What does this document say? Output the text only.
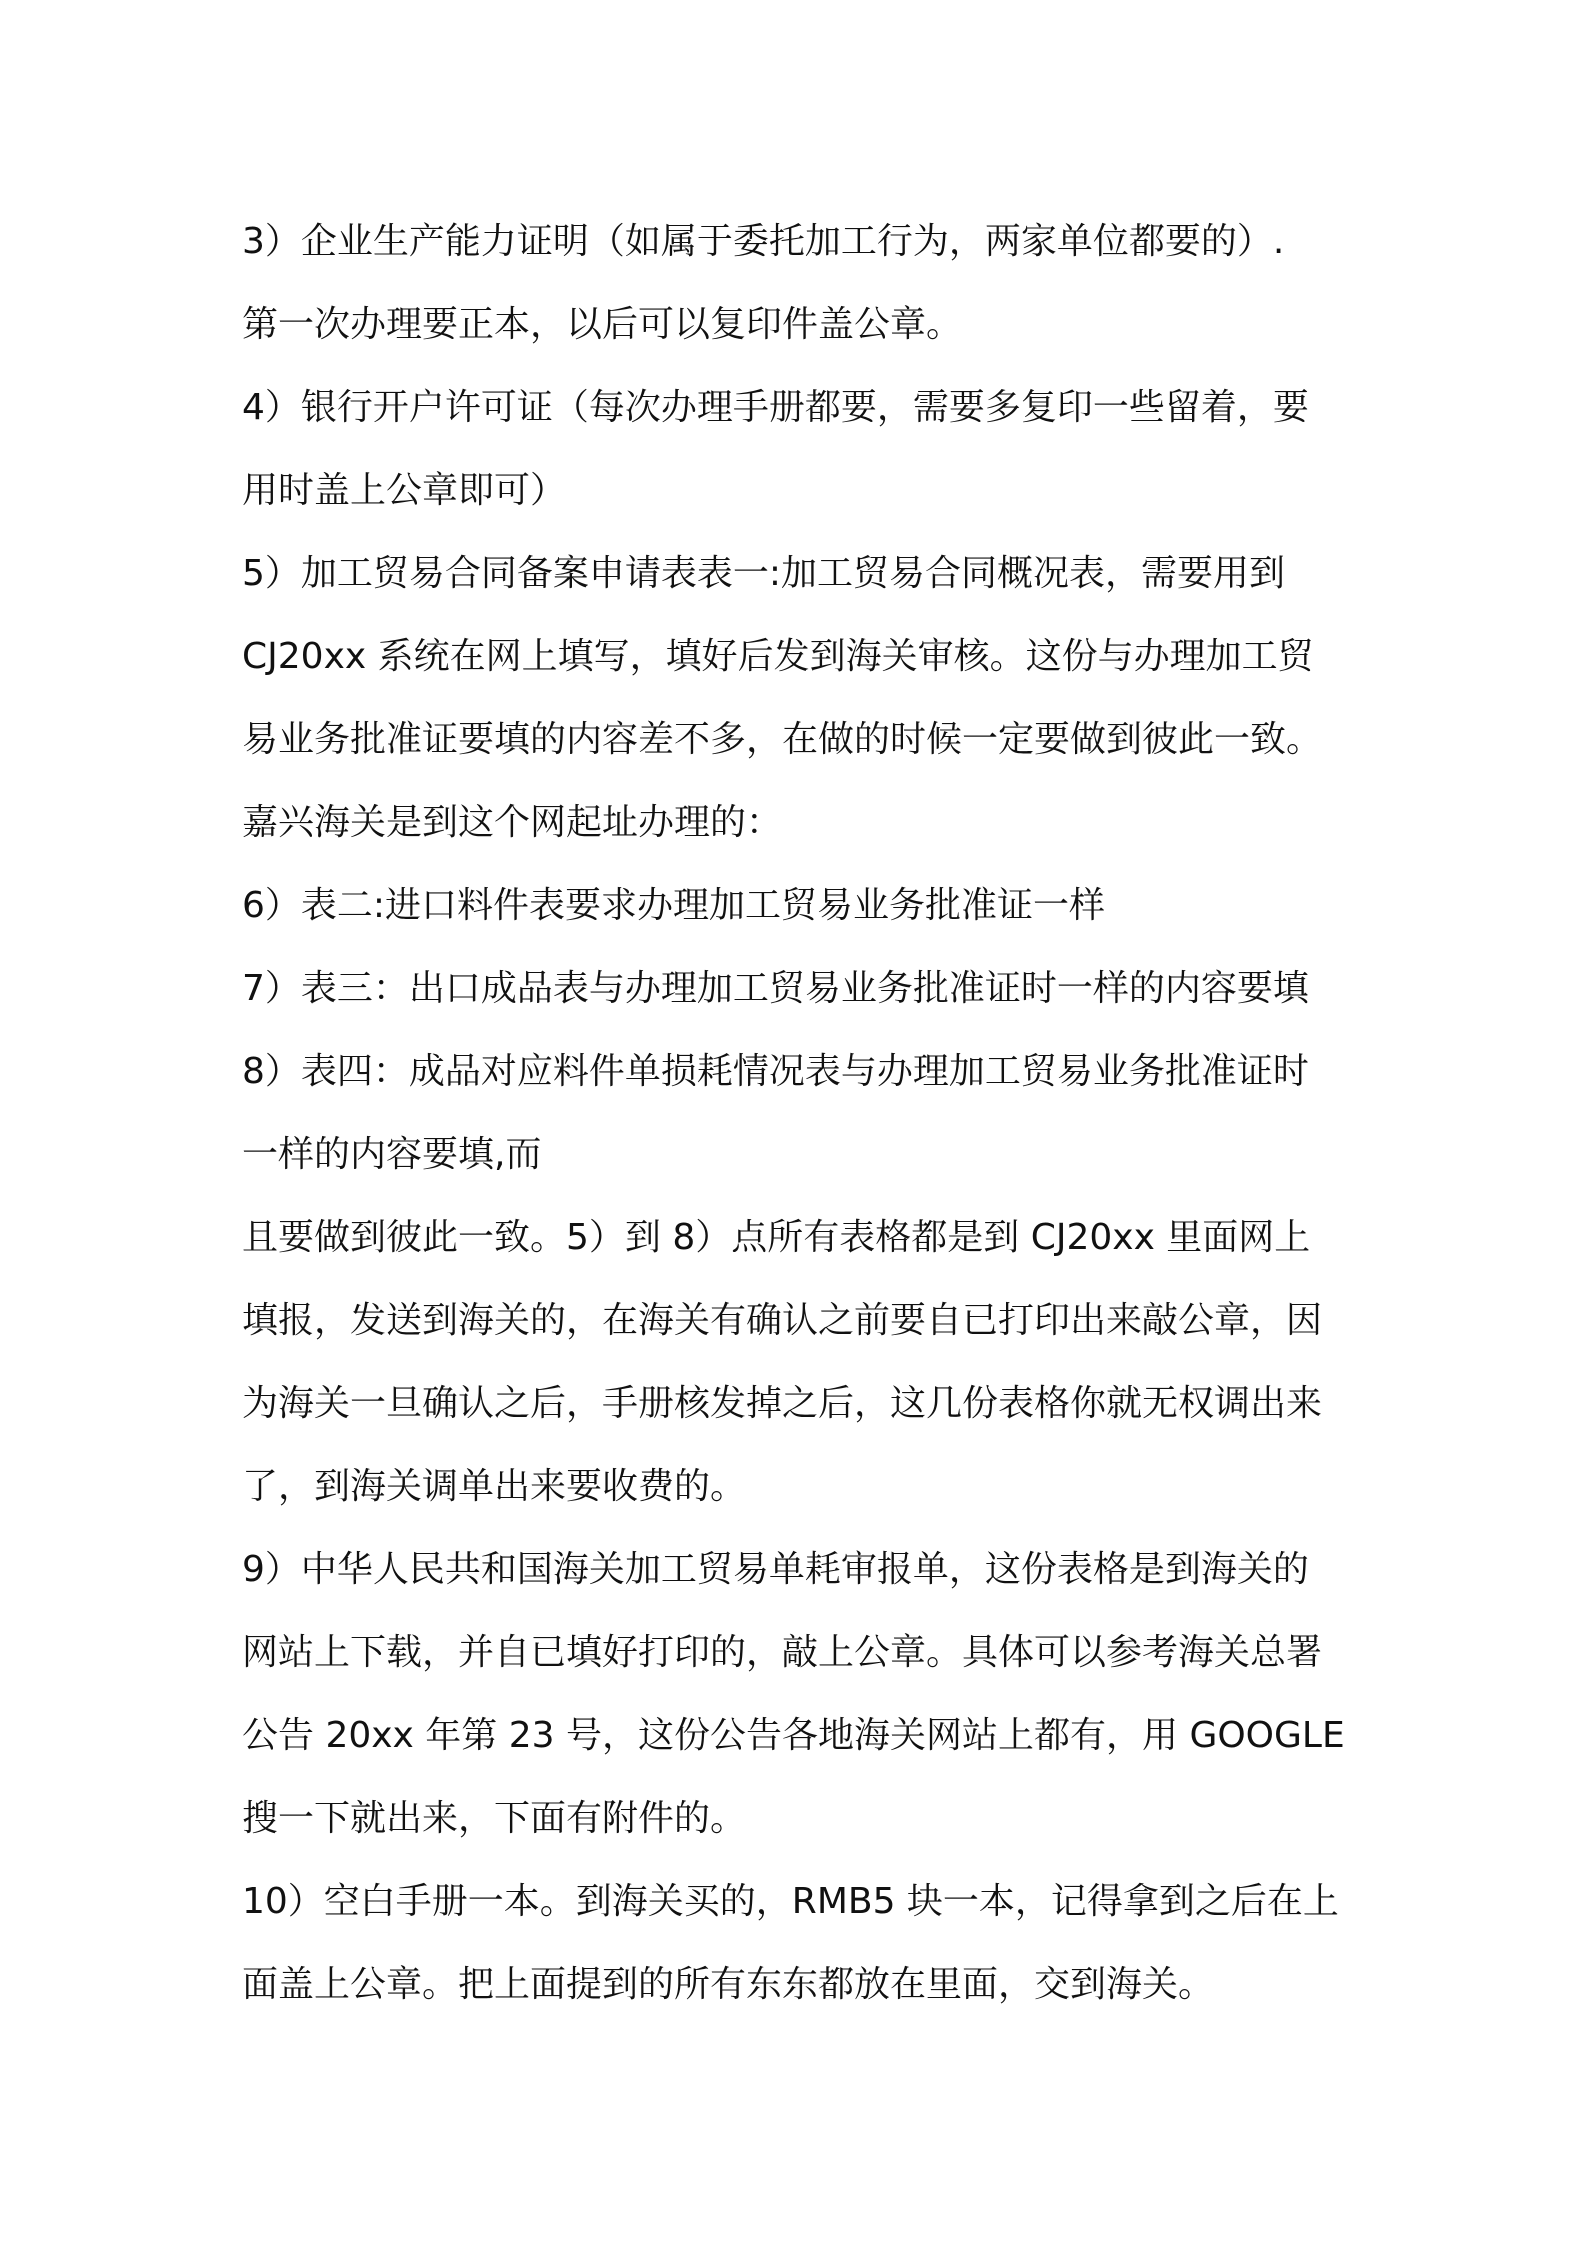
3）企业生产能力证明（如属于委托加工行为，两家单位都要的）.
第一次办理要正本，以后可以复印件盖公章。
4）银行开户许可证（每次办理手册都要，需要多复印一些留着，要
用时盖上公章即可）
5）加工贸易合同备案申请表表一:加工贸易合同概况表，需要用到
CJ20xx 系统在网上填写，填好后发到海关审核。这份与办理加工贸
易业务批准证要填的内容差不多，在做的时候一定要做到彼此一致。
嘉兴海关是到这个网起址办理的：
6）表二:进口料件表要求办理加工贸易业务批准证一样
7）表三：出口成品表与办理加工贸易业务批准证时一样的内容要填
8）表四：成品对应料件单损耗情况表与办理加工贸易业务批准证时
一样的内容要填,而
且要做到彼此一致。5）到 8）点所有表格都是到 CJ20xx 里面网上
填报，发送到海关的，在海关有确认之前要自已打印出来敲公章，因
为海关一旦确认之后，手册核发掉之后，这几份表格你就无权调出来
了，到海关调单出来要收费的。
9）中华人民共和国海关加工贸易单耗审报单，这份表格是到海关的
网站上下载，并自已填好打印的，敲上公章。具体可以参考海关总署
公告 20xx 年第 23 号，这份公告各地海关网站上都有，用 GOOGLE
搜一下就出来，下面有附件的。
10）空白手册一本。到海关买的，RMB5 块一本，记得拿到之后在上
面盖上公章。把上面提到的所有东东都放在里面，交到海关。
